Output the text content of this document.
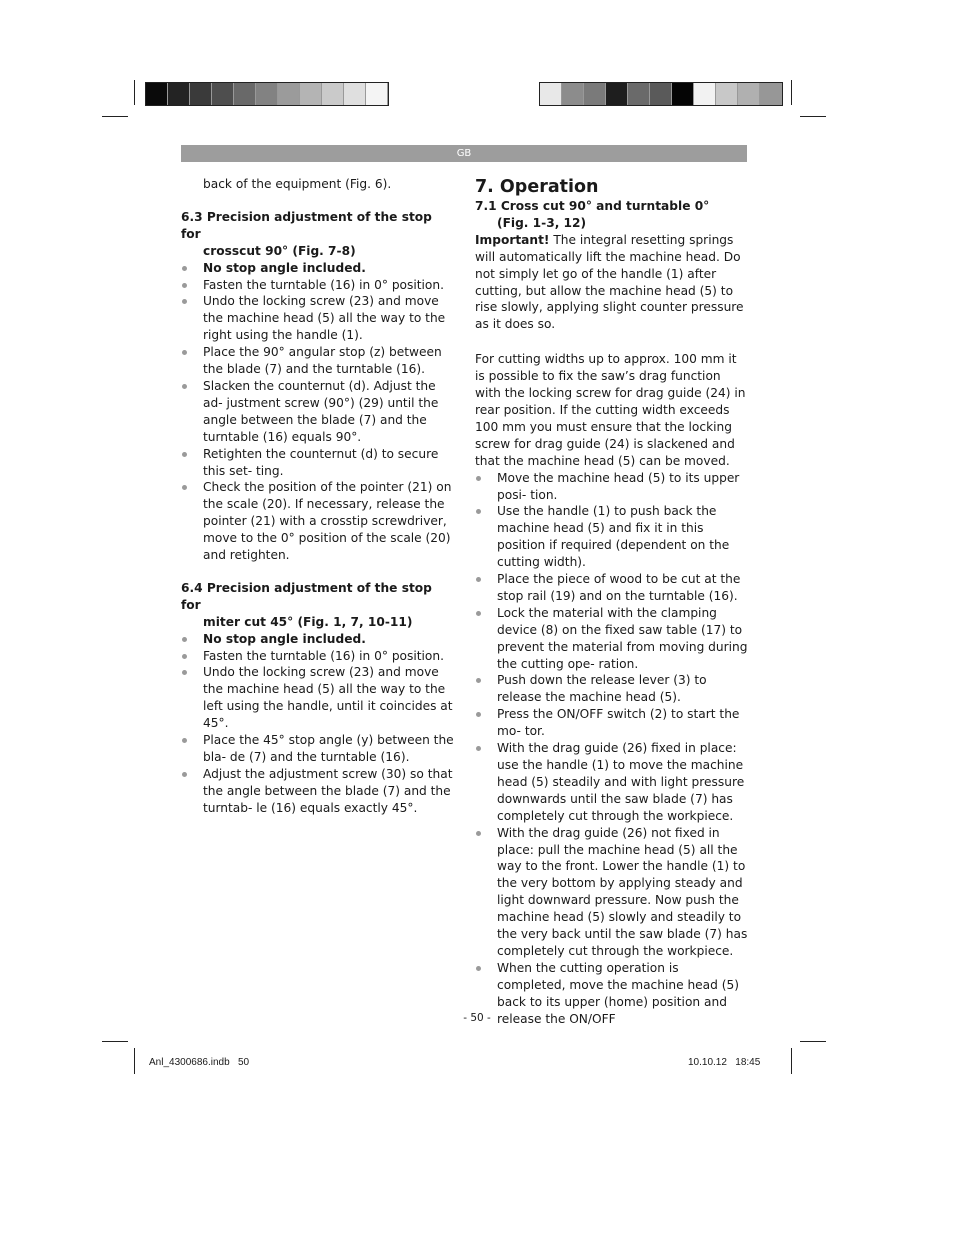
GB

back of the equipment (Fig. 6).

6.3 Precision adjustment of the stop for
crosscut 90° (Fig. 7-8)
No stop angle included.
Fasten the turntable (16) in 0° position.
Undo the locking screw (23) and move the machine head (5) all the way to the right using the handle (1).
Place the 90° angular stop (z) between the blade (7) and the turntable (16).
Slacken the counternut (d). Adjust the ad- justment screw (90°) (29) until the angle between the blade (7) and the turntable (16) equals 90°.
Retighten the counternut (d) to secure this set- ting.
Check the position of the pointer (21) on the scale (20). If necessary, release the pointer (21) with a crosstip screwdriver, move to the 0° position of the scale (20) and retighten.
6.4 Precision adjustment of the stop for
miter cut 45° (Fig. 1, 7, 10-11)
No stop angle included.
Fasten the turntable (16) in 0° position.
Undo the locking screw (23) and move the machine head (5) all the way to the left using the handle, until it coincides at 45°.
Place the 45° stop angle (y) between the bla- de (7) and the turntable (16).
Adjust the adjustment screw (30) so that the angle between the blade (7) and the turntab- le (16) equals exactly 45°.

7. Operation

7.1 Cross cut 90° and turntable 0°
(Fig. 1-3, 12)

Important! The integral resetting springs will automatically lift the machine head. Do not simply let go of the handle (1) after cutting, but allow the machine head (5) to rise slowly, applying slight counter pressure as it does so.

For cutting widths up to approx. 100 mm it is possible to fix the saw’s drag function with the locking screw for drag guide (24) in rear position. If the cutting width exceeds 100 mm you must ensure that the locking screw for drag guide (24) is slackened and that the machine head (5) can be moved.

Move the machine head (5) to its upper posi- tion.
Use the handle (1) to push back the machine head (5) and fix it in this position if required (dependent on the cutting width).
Place the piece of wood to be cut at the stop rail (19) and on the turntable (16).
Lock the material with the clamping device (8) on the fixed saw table (17) to prevent the material from moving during the cutting ope- ration.
Push down the release lever (3) to release the machine head (5).
Press the ON/OFF switch (2) to start the mo- tor.
With the drag guide (26) fixed in place: use the handle (1) to move the machine head (5) steadily and with light pressure downwards until the saw blade (7) has completely cut through the workpiece.
With the drag guide (26) not fixed in place: pull the machine head (5) all the way to the front. Lower the handle (1) to the very bottom by applying steady and light downward pressure. Now push the machine head (5) slowly and steadily to the very back until the saw blade (7) has completely cut through the workpiece.
When the cutting operation is completed, move the machine head (5) back to its upper (home) position and release the ON/OFF
- 50 -
Anl_4300686.indb   50	10.10.12   18:45
